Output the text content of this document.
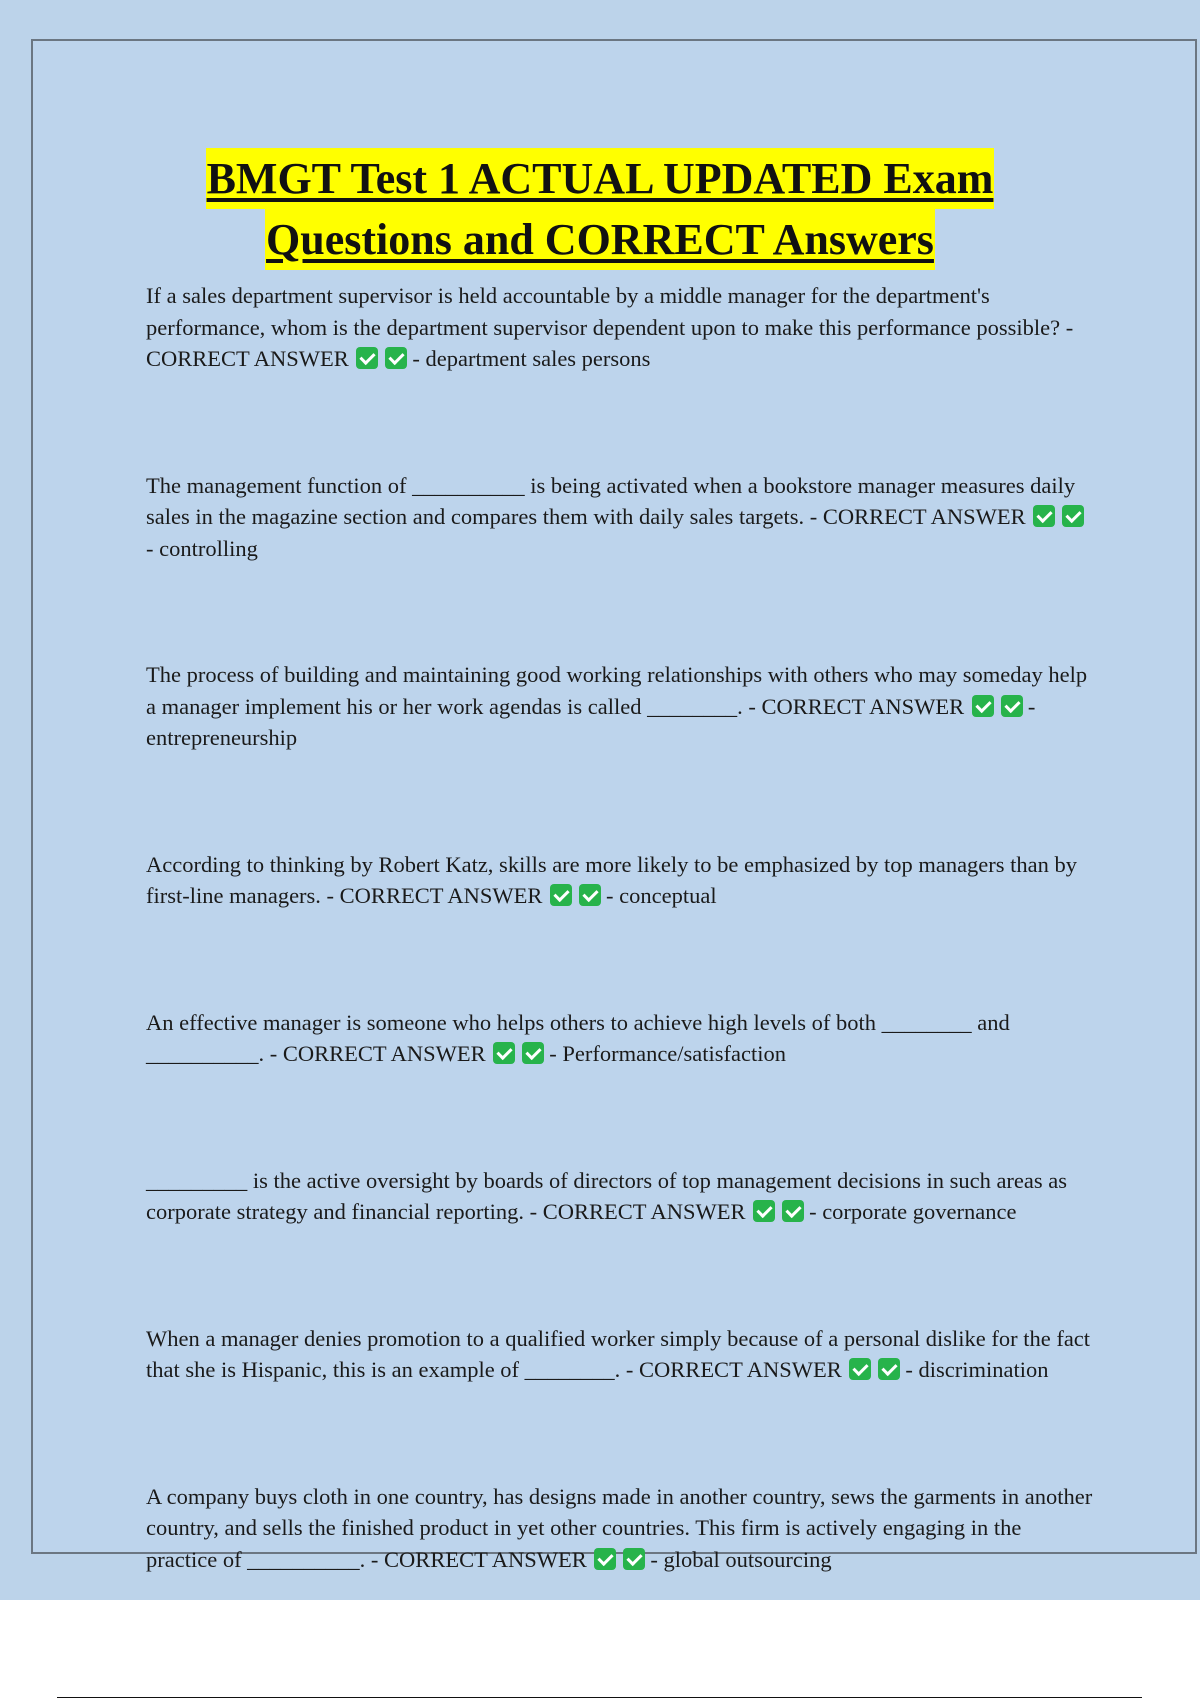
BMGT Test 1 ACTUAL UPDATED Exam
Questions and CORRECT Answers

If a sales department supervisor is held accountable by a middle manager for the department's performance, whom is the department supervisor dependent upon to make this performance possible? - CORRECT ANSWER	- department sales persons

The management function of __________ is being activated when a bookstore manager measures daily sales in the magazine section and compares them with daily sales targets. - CORRECT ANSWER - controlling

The process of building and maintaining good working relationships with others who may someday help a manager implement his or her work agendas is called ________. - CORRECT ANSWER	- entrepreneurship

According to thinking by Robert Katz, skills are more likely to be emphasized by top managers than by first-line managers. - CORRECT ANSWER	- conceptual

An effective manager is someone who helps others to achieve high levels of both ________ and __________. - CORRECT ANSWER	- Performance/satisfaction

_________ is the active oversight by boards of directors of top management decisions in such areas as corporate strategy and financial reporting. - CORRECT ANSWER	- corporate governance

When a manager denies promotion to a qualified worker simply because of a personal dislike for the fact that she is Hispanic, this is an example of ________. - CORRECT ANSWER	- discrimination

A company buys cloth in one country, has designs made in another country, sews the garments in another country, and sells the finished product in yet other countries. This firm is actively engaging in the practice of __________. - CORRECT ANSWER	- global outsourcing
